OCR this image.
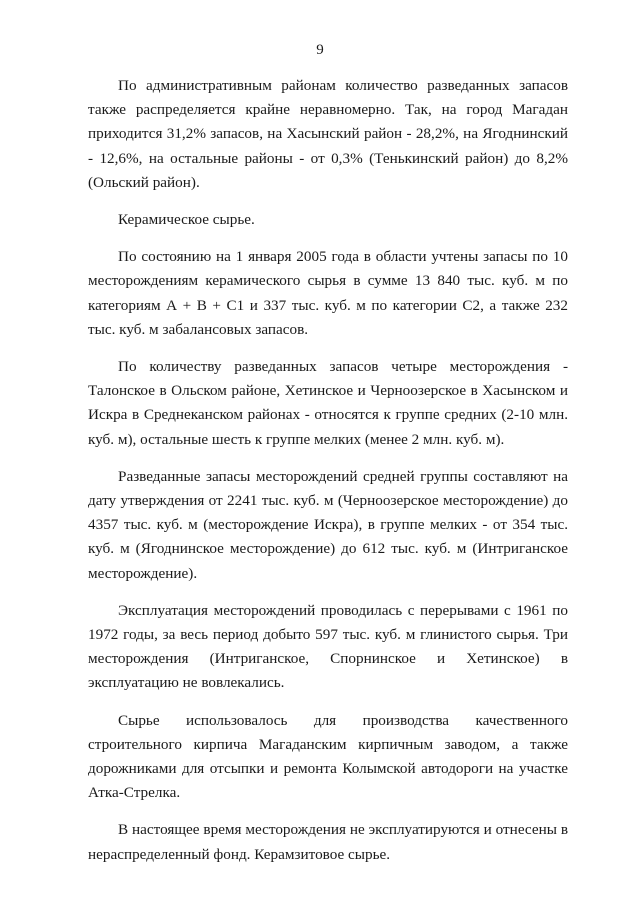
9

По административным районам количество разведанных запасов также распределяется крайне неравномерно. Так, на город Магадан приходится 31,2% запасов, на Хасынский район - 28,2%, на Ягоднинский - 12,6%, на остальные районы - от 0,3% (Тенькинский район) до 8,2% (Ольский район).

Керамическое сырье.

По состоянию на 1 января 2005 года в области учтены запасы по 10 месторождениям керамического сырья в сумме 13 840 тыс. куб. м по категориям А + В + С1 и 337 тыс. куб. м по категории С2, а также 232 тыс. куб. м забалансовых запасов.

По количеству разведанных запасов четыре месторождения - Талонское в Ольском районе, Хетинское и Черноозерское в Хасынском и Искра в Среднеканском районах - относятся к группе средних (2-10 млн. куб. м), остальные шесть к группе мелких (менее 2 млн. куб. м).

Разведанные запасы месторождений средней группы составляют на дату утверждения от 2241 тыс. куб. м (Черноозерское месторождение) до 4357 тыс. куб. м (месторождение Искра), в группе мелких - от 354 тыс. куб. м (Ягоднинское месторождение) до 612 тыс. куб. м (Интриганское месторождение).

Эксплуатация месторождений проводилась с перерывами с 1961 по 1972 годы, за весь период добыто 597 тыс. куб. м глинистого сырья. Три месторождения (Интриганское, Спорнинское и Хетинское) в эксплуатацию не вовлекались.

Сырье использовалось для производства качественного строительного кирпича Магаданским кирпичным заводом, а также дорожниками для отсыпки и ремонта Колымской автодороги на участке Атка-Стрелка.

В настоящее время месторождения не эксплуатируются и отнесены в нераспределенный фонд. Керамзитовое сырье.
